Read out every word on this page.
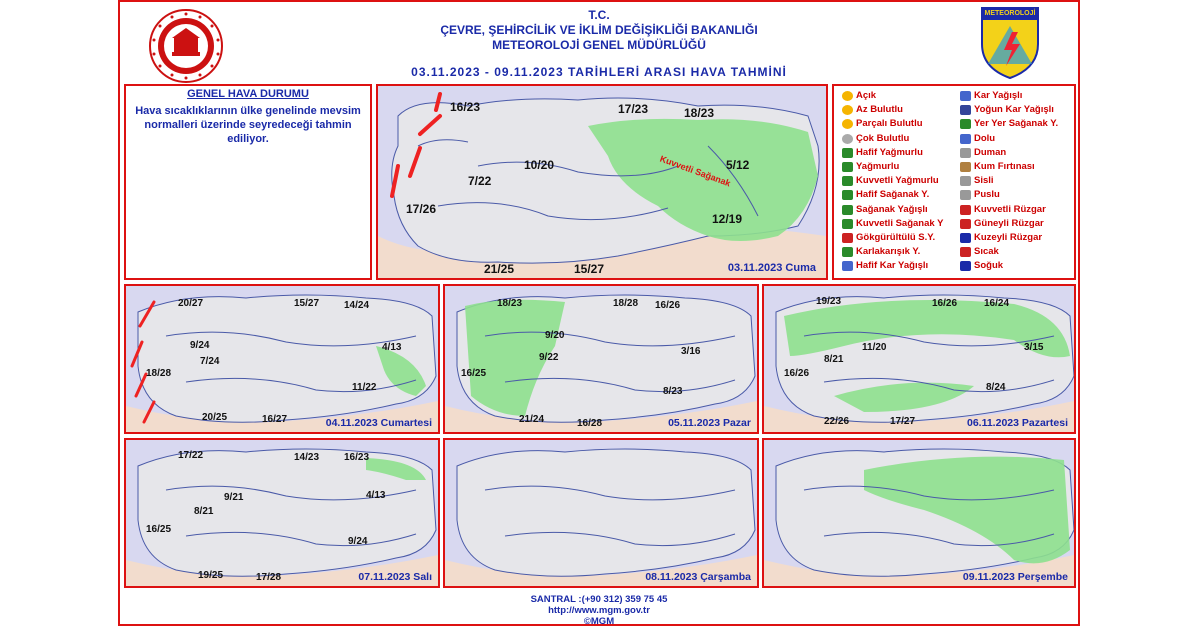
METEOROLOJİ
T.C.
ÇEVRE, ŞEHİRCİLİK VE İKLİM DEĞİŞİKLİĞİ BAKANLIĞI
METEOROLOJİ GENEL MÜDÜRLÜĞÜ
03.11.2023 - 09.11.2023 TARİHLERİ ARASI HAVA TAHMİNİ
GENEL HAVA DURUMU
Hava sıcaklıklarının ülke genelinde mevsim normalleri üzerinde seyredeceği tahmin ediliyor.
16/23	17/23	18/23
10/20	5/12
7/22
17/26
12/19
21/25	15/27
Kuvvetli Sağanak
03.11.2023 Cuma
Açık
Az Bulutlu
Parçalı Bulutlu
Çok Bulutlu
Hafif Yağmurlu
Yağmurlu
Kuvvetli Yağmurlu
Hafif Sağanak Y.
Sağanak Yağışlı
Kuvvetli Sağanak Y
Gökgürültülü S.Y.
Karlakarışık Y.
Hafif Kar Yağışlı
Kar Yağışlı
Yoğun Kar Yağışlı
Yer Yer Sağanak Y.
Dolu
Duman
Kum Fırtınası
Sisli
Puslu
Kuvvetli Rüzgar
Güneyli Rüzgar
Kuzeyli Rüzgar
Sıcak
Soğuk
20/27	15/27 14/24
9/24	4/13
7/24
18/28
11/22
20/25	16/27	04.11.2023 Cumartesi
18/23	18/28 16/26
9/20
9/22
3/16
16/25
8/23
21/24	16/28	05.11.2023 Pazar
19/23	16/26	16/24
11/20
8/21
3/15
16/26
8/24
22/26	17/27	06.11.2023 Pazartesi
17/22	14/23 16/23
9/21
8/21
4/13
16/25
9/24
19/25	17/28	07.11.2023 Salı	08.11.2023 Çarşamba	09.11.2023 Perşembe
SANTRAL :(+90 312) 359 75 45
http://www.mgm.gov.tr
©MGM
